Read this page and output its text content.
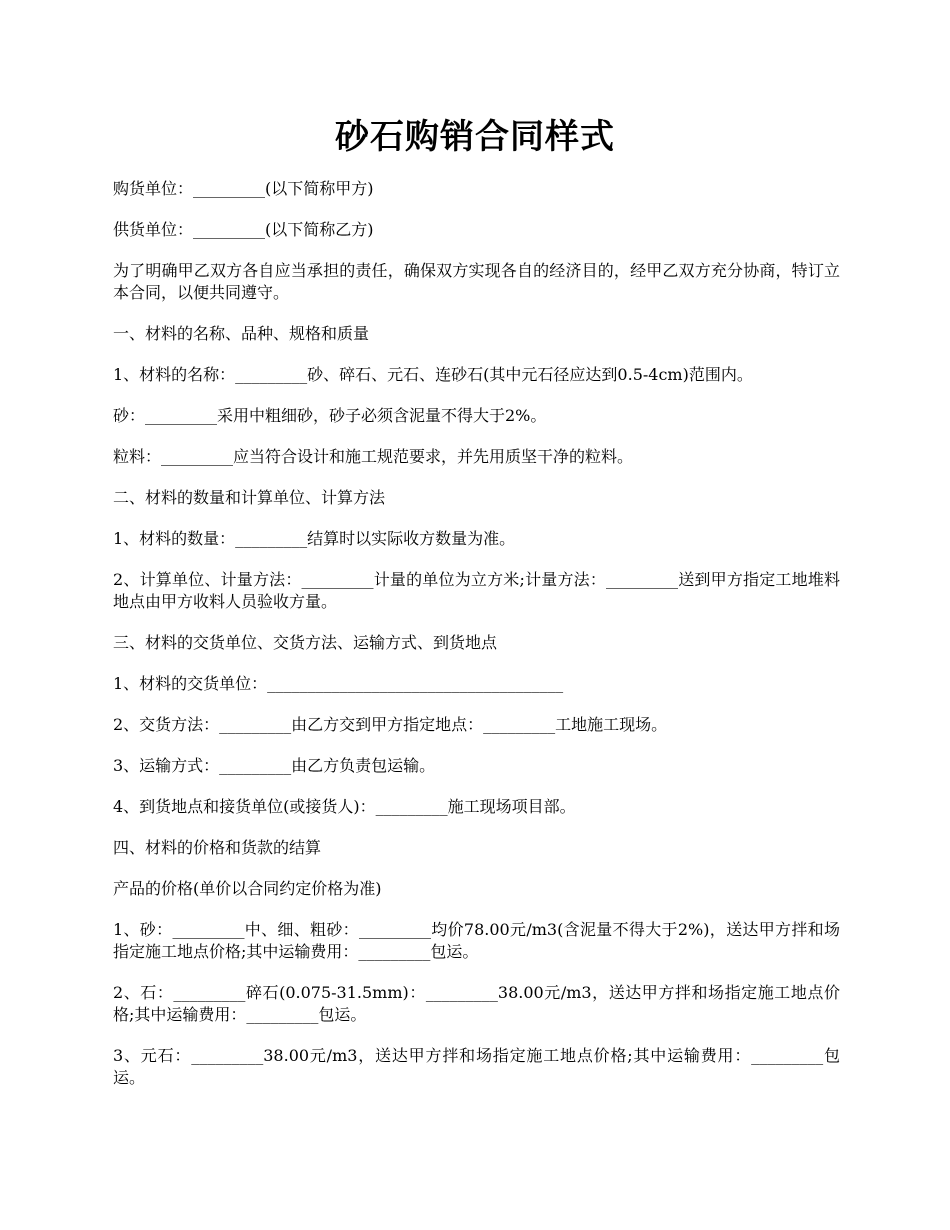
砂石购销合同样式

购货单位：_________(以下简称甲方)

供货单位：_________(以下简称乙方)

为了明确甲乙双方各自应当承担的责任，确保双方实现各自的经济目的，经甲乙双方充分协商，特订立本合同，以便共同遵守。

一、材料的名称、品种、规格和质量

1、材料的名称：_________砂、碎石、元石、连砂石(其中元石径应达到0.5-4cm)范围内。

砂：_________采用中粗细砂，砂子必须含泥量不得大于2%。

粒料：_________应当符合设计和施工规范要求，并先用质坚干净的粒料。

二、材料的数量和计算单位、计算方法

1、材料的数量：_________结算时以实际收方数量为准。

2、计算单位、计量方法：_________计量的单位为立方米;计量方法：_________送到甲方指定工地堆料地点由甲方收料人员验收方量。

三、材料的交货单位、交货方法、运输方式、到货地点

1、材料的交货单位：_____________________________________

2、交货方法：_________由乙方交到甲方指定地点：_________工地施工现场。

3、运输方式：_________由乙方负责包运输。

4、到货地点和接货单位(或接货人)：_________施工现场项目部。

四、材料的价格和货款的结算

产品的价格(单价以合同约定价格为准)

1、砂：_________中、细、粗砂：_________均价78.00元/m3(含泥量不得大于2%)，送达甲方拌和场指定施工地点价格;其中运输费用：_________包运。

2、石：_________碎石(0.075-31.5mm)：_________38.00元/m3，送达甲方拌和场指定施工地点价格;其中运输费用：_________包运。

3、元石：_________38.00元/m3，送达甲方拌和场指定施工地点价格;其中运输费用：_________包运。
